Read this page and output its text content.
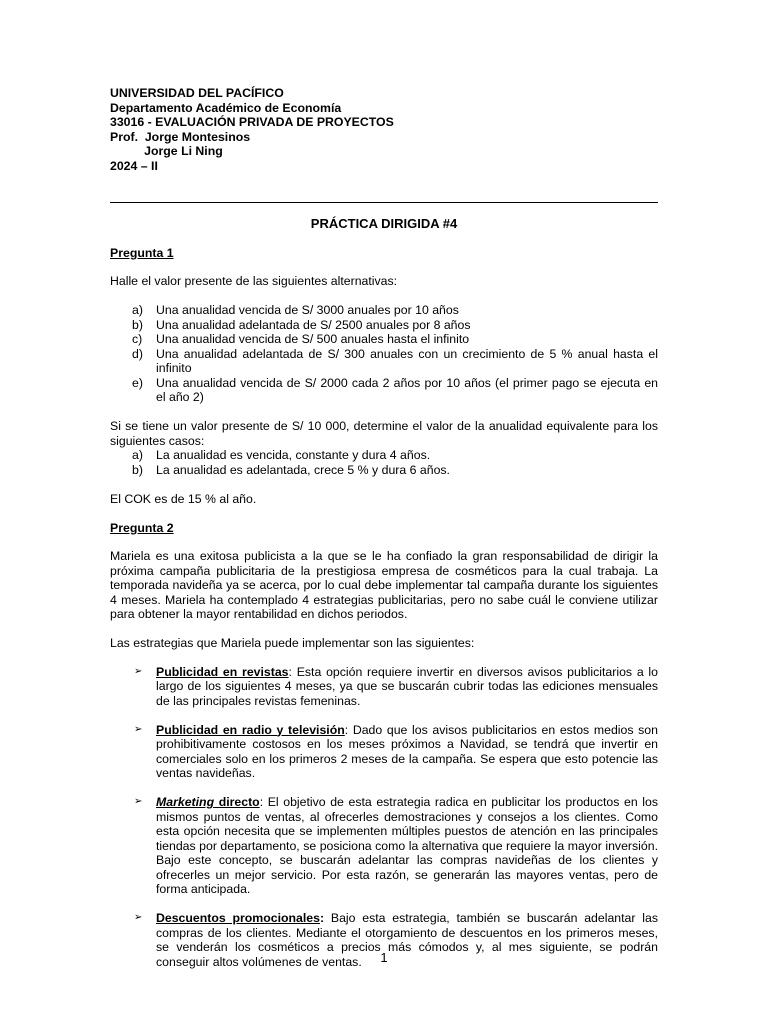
UNIVERSIDAD DEL PACÍFICO
Departamento Académico de Economía
33016 - EVALUACIÓN PRIVADA DE PROYECTOS
Prof.  Jorge Montesinos
Jorge Li Ning
2024 – II
PRÁCTICA DIRIGIDA #4
Pregunta 1

Halle el valor presente de las siguientes alternativas:

a) Una anualidad vencida de S/ 3000 anuales por 10 años
b) Una anualidad adelantada de S/ 2500 anuales por 8 años
c) Una anualidad vencida de S/ 500 anuales hasta el infinito
d) Una anualidad adelantada de S/ 300 anuales con un crecimiento de 5 % anual hasta el infinito
e) Una anualidad vencida de S/ 2000 cada 2 años por 10 años (el primer pago se ejecuta en el año 2)

Si se tiene un valor presente de S/ 10 000, determine el valor de la anualidad equivalente para los siguientes casos:

a) La anualidad es vencida, constante y dura 4 años.
b) La anualidad es adelantada, crece 5 % y dura 6 años.

El COK es de 15 % al año.

Pregunta 2

Mariela es una exitosa publicista a la que se le ha confiado la gran responsabilidad de dirigir la próxima campaña publicitaria de la prestigiosa empresa de cosméticos para la cual trabaja. La temporada navideña ya se acerca, por lo cual debe implementar tal campaña durante los siguientes 4 meses. Mariela ha contemplado 4 estrategias publicitarias, pero no sabe cuál le conviene utilizar para obtener la mayor rentabilidad en dichos periodos.

Las estrategias que Mariela puede implementar son las siguientes:

➢ Publicidad en revistas: Esta opción requiere invertir en diversos avisos publicitarios a lo largo de los siguientes 4 meses, ya que se buscarán cubrir todas las ediciones mensuales de las principales revistas femeninas.
➢ Publicidad en radio y televisión: Dado que los avisos publicitarios en estos medios son prohibitivamente costosos en los meses próximos a Navidad, se tendrá que invertir en comerciales solo en los primeros 2 meses de la campaña. Se espera que esto potencie las ventas navideñas.
➢ Marketing directo: El objetivo de esta estrategia radica en publicitar los productos en los mismos puntos de ventas, al ofrecerles demostraciones y consejos a los clientes. Como esta opción necesita que se implementen múltiples puestos de atención en las principales tiendas por departamento, se posiciona como la alternativa que requiere la mayor inversión. Bajo este concepto, se buscarán adelantar las compras navideñas de los clientes y ofrecerles un mejor servicio. Por esta razón, se generarán las mayores ventas, pero de forma anticipada.
➢ Descuentos promocionales: Bajo esta estrategia, también se buscarán adelantar las compras de los clientes. Mediante el otorgamiento de descuentos en los primeros meses, se venderán los cosméticos a precios más cómodos y, al mes siguiente, se podrán conseguir altos volúmenes de ventas.	1
